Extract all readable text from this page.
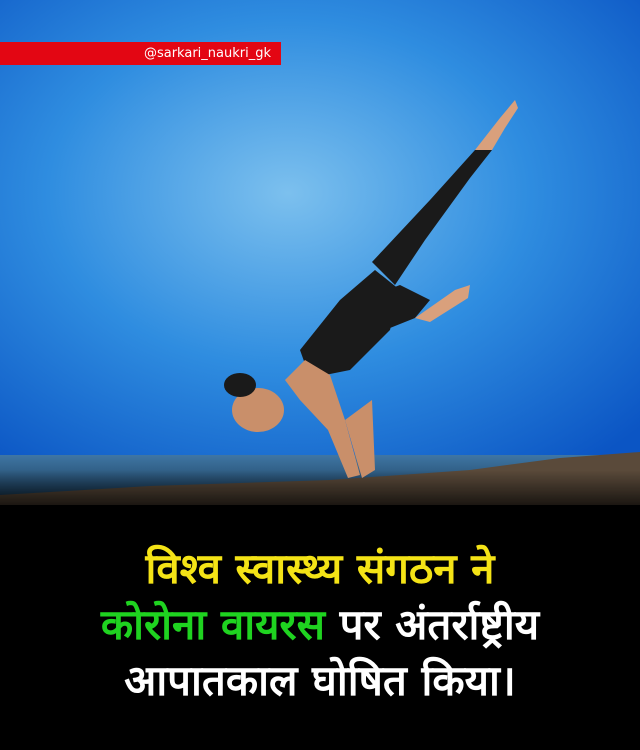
@sarkari_naukri_gk
विश्व स्वास्थ्य संगठन ने
कोरोना वायरस पर अंतर्राष्ट्रीय
आपातकाल घोषित किया।
